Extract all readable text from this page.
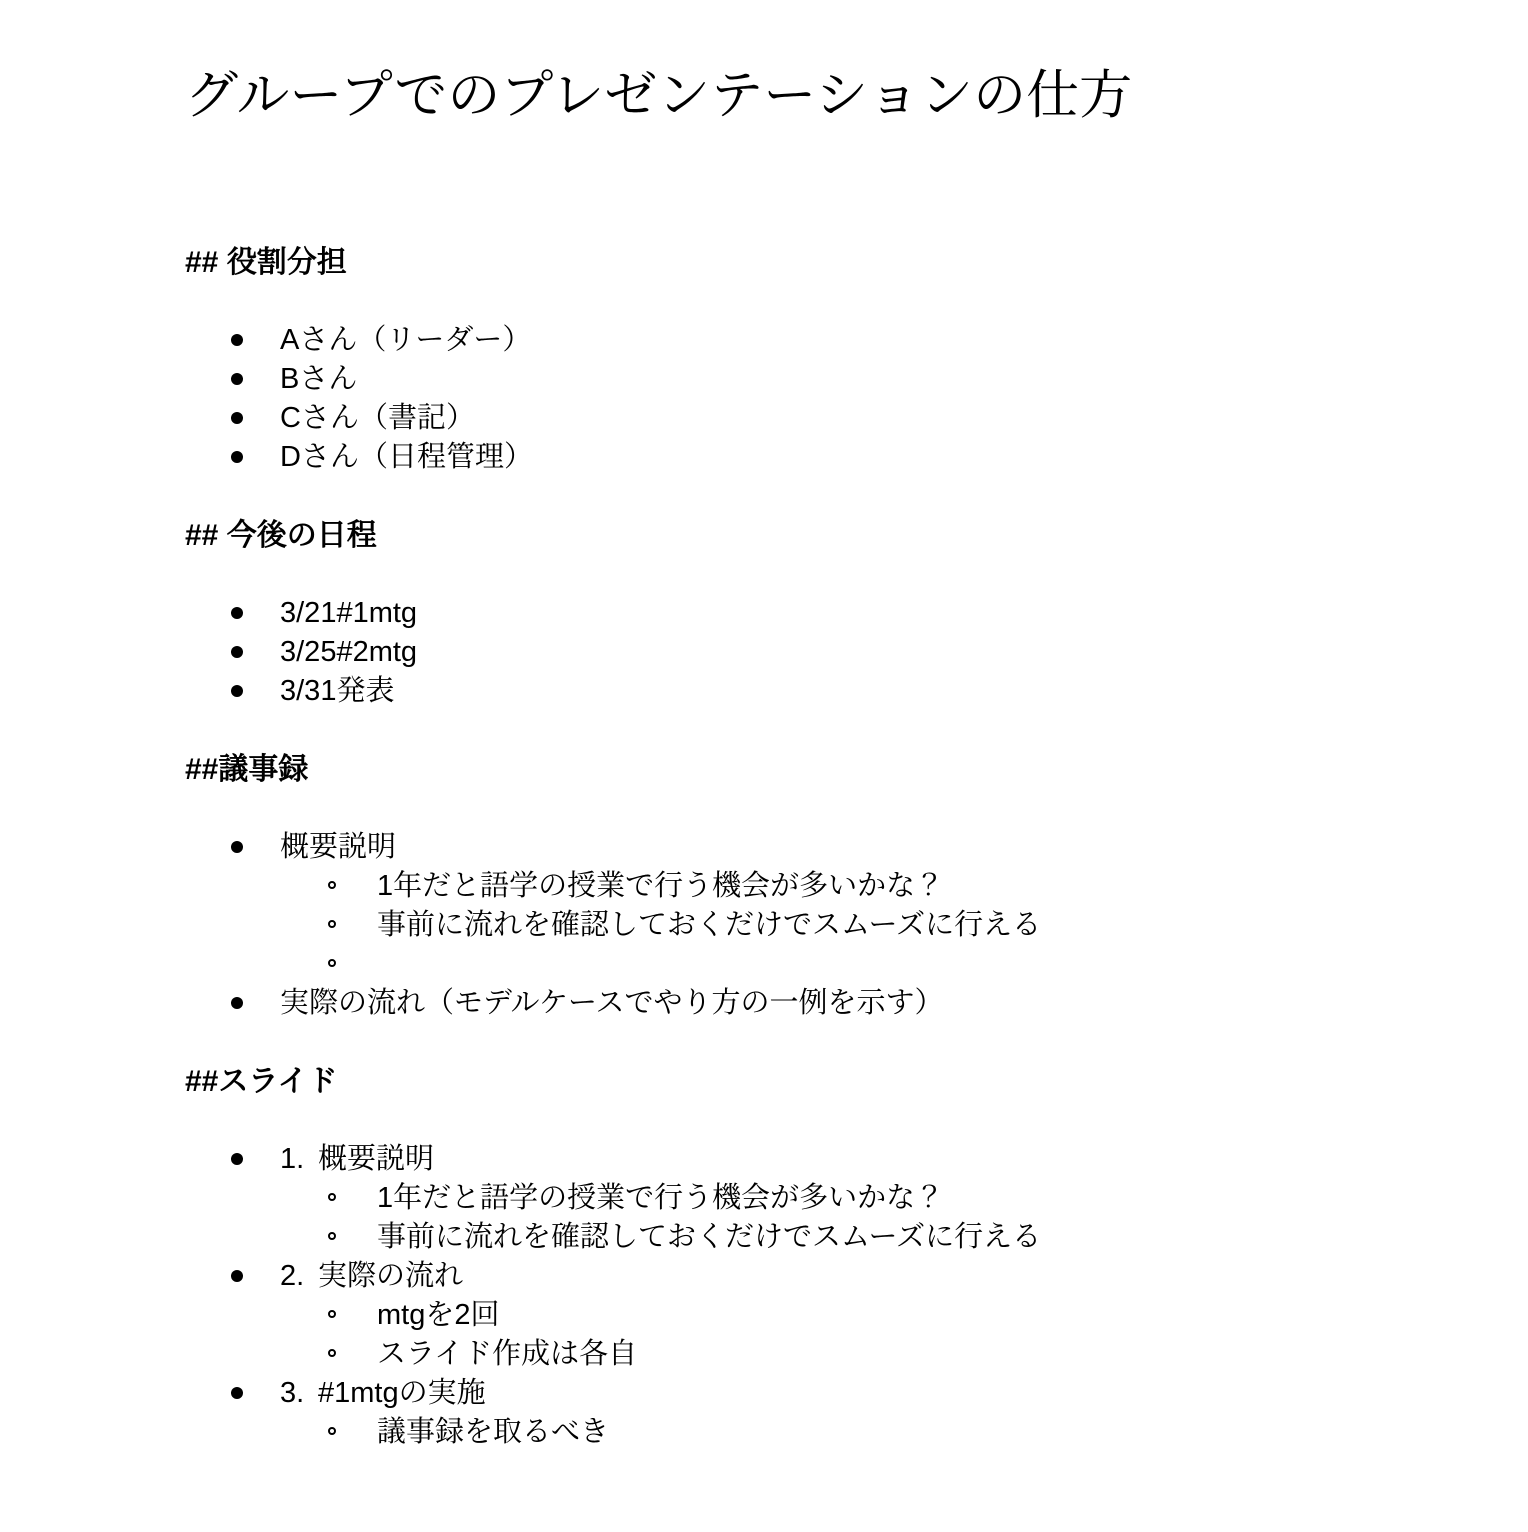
グループでのプレゼンテーションの仕方
## 役割分担
Aさん（リーダー）
Bさん
Cさん（書記）
Dさん（日程管理）
## 今後の日程
3/21#1mtg
3/25#2mtg
3/31発表
##議事録
概要説明
1年だと語学の授業で行う機会が多いかな？
事前に流れを確認しておくだけでスムーズに行える
実際の流れ（モデルケースでやり方の一例を示す）
##スライド
1. 概要説明
1年だと語学の授業で行う機会が多いかな？
事前に流れを確認しておくだけでスムーズに行える
2. 実際の流れ
mtgを2回
スライド作成は各自
3. #1mtgの実施
議事録を取るべき
